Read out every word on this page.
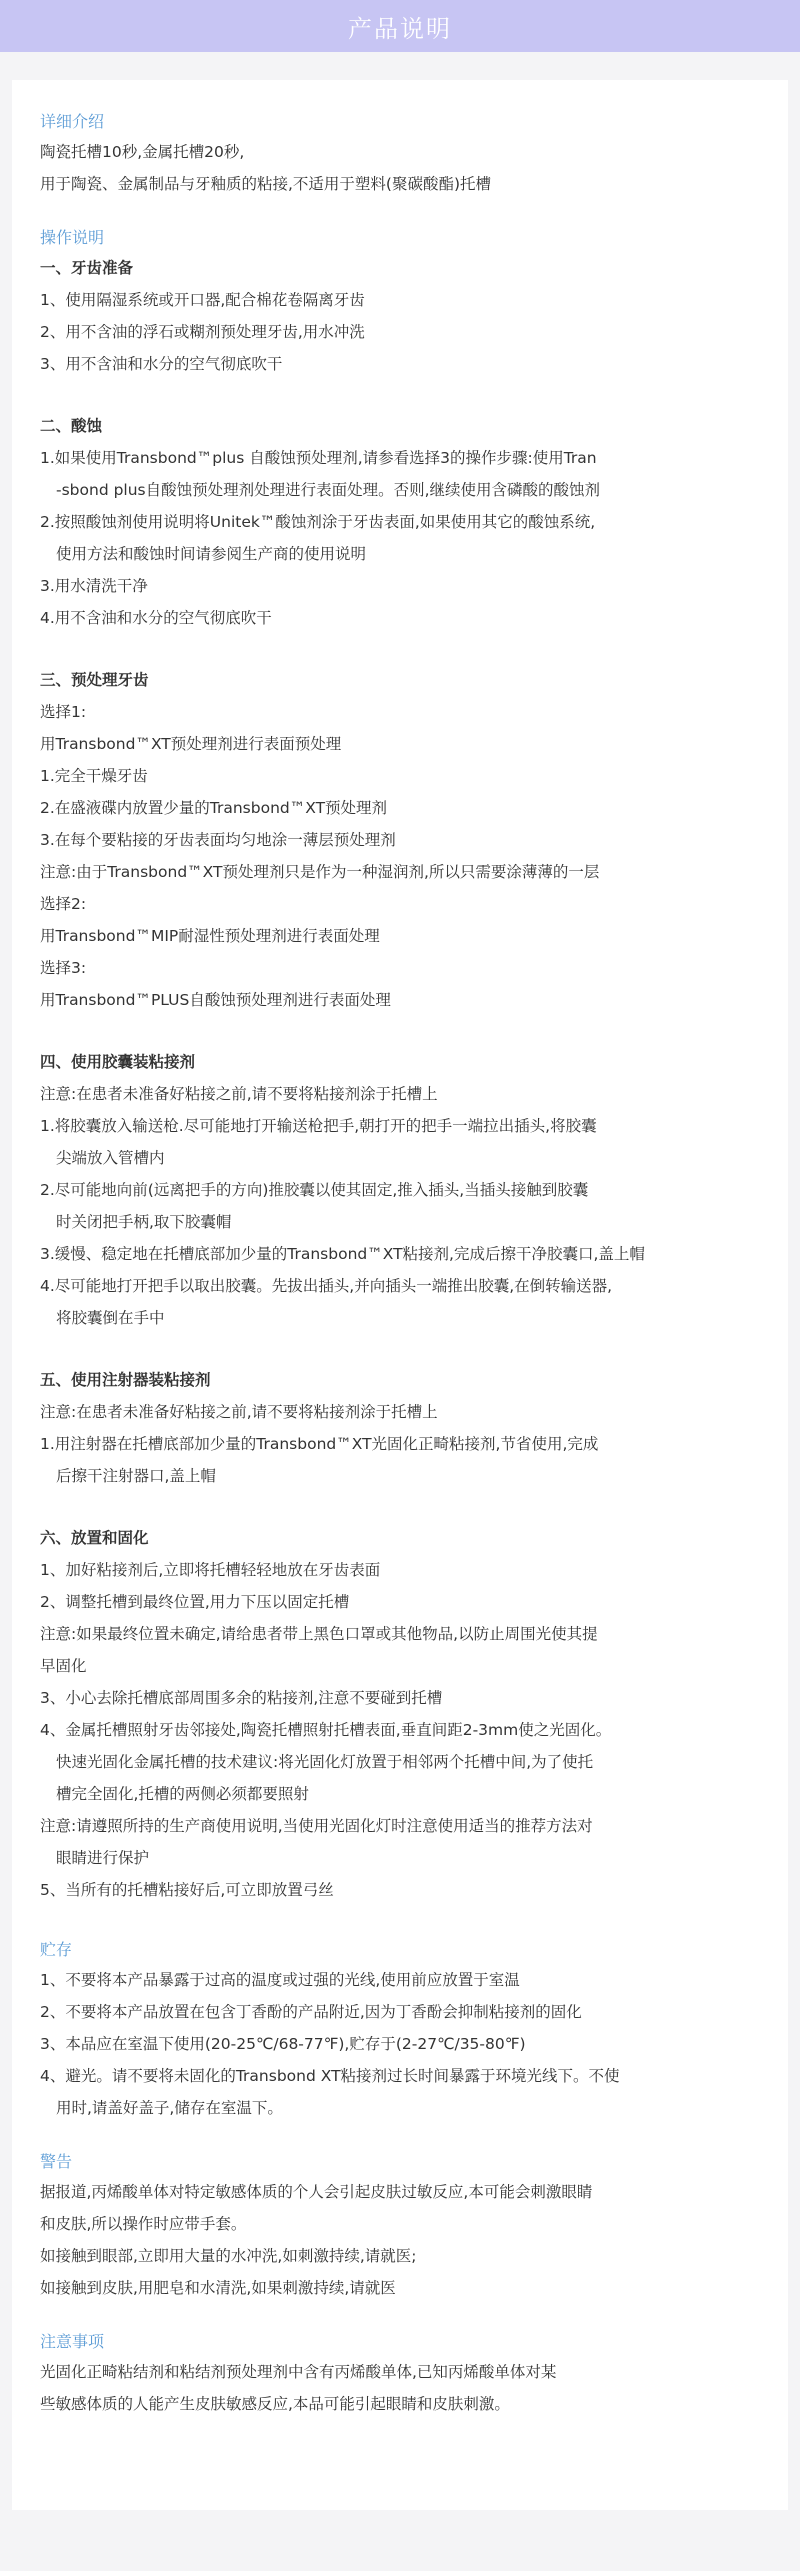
产品说明

详细介绍

陶瓷托槽10秒,金属托槽20秒,

用于陶瓷、金属制品与牙釉质的粘接,不适用于塑料(聚碳酸酯)托槽

操作说明

一、牙齿准备

1、使用隔湿系统或开口器,配合棉花卷隔离牙齿

2、用不含油的浮石或糊剂预处理牙齿,用水冲洗

3、用不含油和水分的空气彻底吹干

二、酸蚀

1.如果使用Transbond™plus 自酸蚀预处理剂,请参看选择3的操作步骤:使用Tran

-sbond plus自酸蚀预处理剂处理进行表面处理。否则,继续使用含磷酸的酸蚀剂

2.按照酸蚀剂使用说明将Unitek™酸蚀剂涂于牙齿表面,如果使用其它的酸蚀系统,

使用方法和酸蚀时间请参阅生产商的使用说明

3.用水清洗干净

4.用不含油和水分的空气彻底吹干

三、预处理牙齿

选择1:

用Transbond™XT预处理剂进行表面预处理

1.完全干燥牙齿

2.在盛液碟内放置少量的Transbond™XT预处理剂

3.在每个要粘接的牙齿表面均匀地涂一薄层预处理剂

注意:由于Transbond™XT预处理剂只是作为一种湿润剂,所以只需要涂薄薄的一层

选择2:

用Transbond™MIP耐湿性预处理剂进行表面处理

选择3:

用Transbond™PLUS自酸蚀预处理剂进行表面处理

四、使用胶囊装粘接剂

注意:在患者未准备好粘接之前,请不要将粘接剂涂于托槽上

1.将胶囊放入输送枪.尽可能地打开输送枪把手,朝打开的把手一端拉出插头,将胶囊

尖端放入管槽内

2.尽可能地向前(远离把手的方向)推胶囊以使其固定,推入插头,当插头接触到胶囊

时关闭把手柄,取下胶囊帽

3.缓慢、稳定地在托槽底部加少量的Transbond™XT粘接剂,完成后擦干净胶囊口,盖上帽

4.尽可能地打开把手以取出胶囊。先拔出插头,并向插头一端推出胶囊,在倒转输送器,

将胶囊倒在手中

五、使用注射器装粘接剂

注意:在患者未准备好粘接之前,请不要将粘接剂涂于托槽上

1.用注射器在托槽底部加少量的Transbond™XT光固化正畸粘接剂,节省使用,完成

后擦干注射器口,盖上帽

六、放置和固化

1、加好粘接剂后,立即将托槽轻轻地放在牙齿表面

2、调整托槽到最终位置,用力下压以固定托槽

注意:如果最终位置未确定,请给患者带上黑色口罩或其他物品,以防止周围光使其提

早固化

3、小心去除托槽底部周围多余的粘接剂,注意不要碰到托槽

4、金属托槽照射牙齿邻接处,陶瓷托槽照射托槽表面,垂直间距2-3mm使之光固化。

快速光固化金属托槽的技术建议:将光固化灯放置于相邻两个托槽中间,为了使托

槽完全固化,托槽的两侧必须都要照射

注意:请遵照所持的生产商使用说明,当使用光固化灯时注意使用适当的推荐方法对

眼睛进行保护

5、当所有的托槽粘接好后,可立即放置弓丝

贮存

1、不要将本产品暴露于过高的温度或过强的光线,使用前应放置于室温

2、不要将本产品放置在包含丁香酚的产品附近,因为丁香酚会抑制粘接剂的固化

3、本品应在室温下使用(20-25℃/68-77℉),贮存于(2-27℃/35-80℉)

4、避光。请不要将未固化的Transbond XT粘接剂过长时间暴露于环境光线下。不使

用时,请盖好盖子,储存在室温下。

警告

据报道,丙烯酸单体对特定敏感体质的个人会引起皮肤过敏反应,本可能会刺激眼睛

和皮肤,所以操作时应带手套。

如接触到眼部,立即用大量的水冲洗,如刺激持续,请就医;

如接触到皮肤,用肥皂和水清洗,如果刺激持续,请就医

注意事项

光固化正畸粘结剂和粘结剂预处理剂中含有丙烯酸单体,已知丙烯酸单体对某

些敏感体质的人能产生皮肤敏感反应,本品可能引起眼睛和皮肤刺激。
